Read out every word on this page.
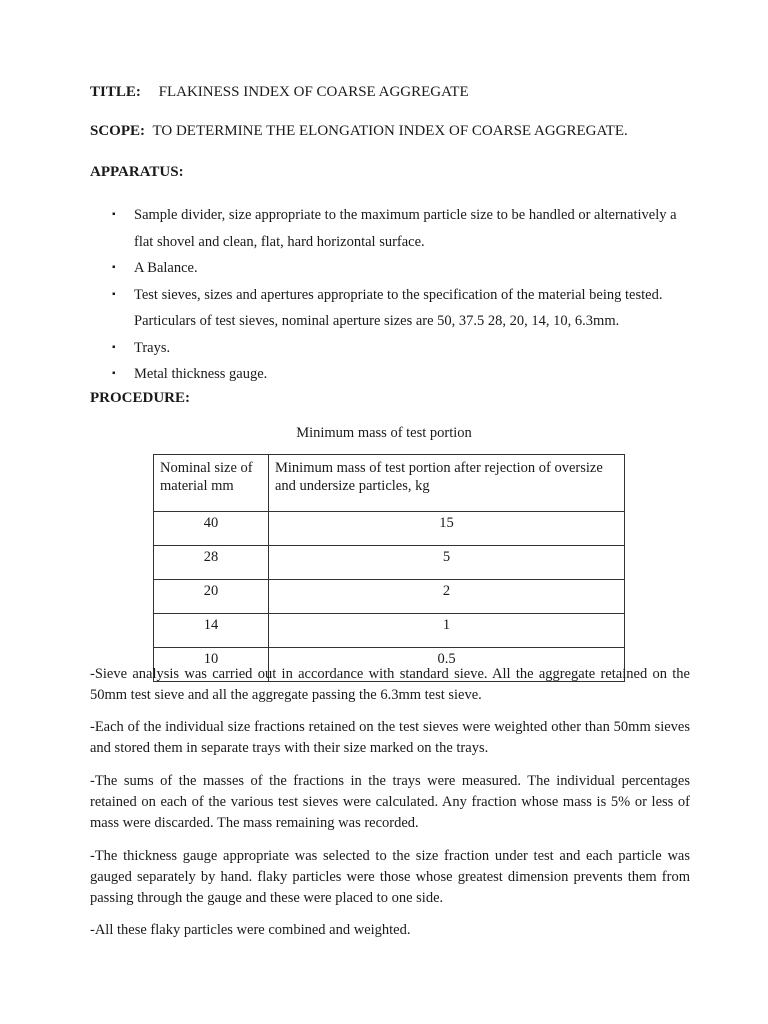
TITLE: FLAKINESS INDEX OF COARSE AGGREGATE
SCOPE: TO DETERMINE THE ELONGATION INDEX OF COARSE AGGREGATE.
APPARATUS:
▪ Sample divider, size appropriate to the maximum particle size to be handled or alternatively a flat shovel and clean, flat, hard horizontal surface.
▪ A Balance.
▪ Test sieves, sizes and apertures appropriate to the specification of the material being tested. Particulars of test sieves, nominal aperture sizes are 50, 37.5 28, 20, 14, 10, 6.3mm.
▪ Trays.
▪ Metal thickness gauge.
PROCEDURE:
Minimum mass of test portion
Nominal size of material mm	Minimum mass of test portion after rejection of oversize and undersize particles, kg
40	15
28	5
20	2
14	1
10	0.5

-Sieve analysis was carried out in accordance with standard sieve. All the aggregate retained on the 50mm test sieve and all the aggregate passing the 6.3mm test sieve.

-Each of the individual size fractions retained on the test sieves were weighted other than 50mm sieves and stored them in separate trays with their size marked on the trays.

-The sums of the masses of the fractions in the trays were measured. The individual percentages retained on each of the various test sieves were calculated. Any fraction whose mass is 5% or less of mass were discarded. The mass remaining was recorded.

-The thickness gauge appropriate was selected to the size fraction under test and each particle was gauged separately by hand. flaky particles were those whose greatest dimension prevents them from passing through the gauge and these were placed to one side.

-All these flaky particles were combined and weighted.
